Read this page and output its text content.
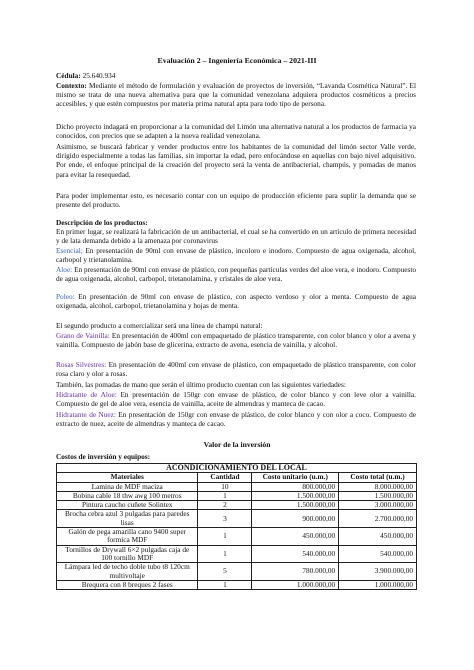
Evaluación 2 – Ingeniería Económica – 2021-III

Cédula: 25.640.934

Contexto: Mediante el método de formulación y evaluación de proyectos de inversión, “Lavanda Cosmética Natural”. El mismo se trata de una nueva alternativa para que la comunidad venezolana adquiera productos cosméticos a precios accesibles, y que estén compuestos por materia prima natural apta para todo tipo de persona.

Dicho proyecto indagará en proporcionar a la comunidad del Limón una alternativa natural a los productos de farmacia ya conocidos, con precios que se adapten a la nueva realidad venezolana.

Asimismo, se buscará fabricar y vender productos entre los habitantes de la comunidad del limón sector Valle verde, dirigido especialmente a todas las familias, sin importar la edad, pero enfocándose en aquellas con bajo nivel adquisitivo. Por ende, el enfoque principal de la creación del proyecto será la venta de antibacterial, champús, y pomadas de manos para evitar la resequedad.

Para poder implementar esto, es necesario contar con un equipo de producción eficiente para suplir la demanda que se presente del producto.

Descripción de los productos:

En primer lugar, se realizará la fabricación de un antibacterial, el cual se ha convertido en un artículo de primera necesidad y de lata demanda debido a la amenaza por coronavirus

Esencial; En presentación de 90ml con envase de plástico, incoloro e inodoro. Compuesto de agua oxigenada, alcohol, carbopol y trietanolamina.

Aloe: En presentación de 90ml con envase de plástico, con pequeñas partículas verdes del aloe vera, e inodoro. Compuesto de agua oxigenada, alcohol, carbopol, trietanolamina, y cristales de aloe vera.

Poleo: En presentación de 90ml con envase de plástico, con aspecto verdoso y olor a menta. Compuesto de agua oxigenada, alcohol, carbopol, trietanolamina y hojas de menta.

El segundo producto a comercializar será una línea de champú natural:

Grano de Vainilla: En presentación de 400ml con empaquetado de plástico transparente, con color blanco y olor a avena y vainilla. Compuesto de jabón base de glicerina, extracto de avena, esencia de vainilla, y alcohol.

Rosas Silvestres: En presentación de 400ml con envase de plástico, con empaquetado de plástico transparente, con color rosa claro y olor a rosas.

También, las pomadas de mano que serán el último producto cuentan con las siguientes variedades:

Hidratante de Aloe: En presentación de 150gr con envase de plástico, de color blanco y con leve olor a vainilla. Compuesto de gel de aloe vera, esencia de vainilla, aceite de almendras y manteca de cacao.

Hidratante de Nuez: En presentación de 150gr con envase de plástico, de color blanco y con olor a coco. Compuesto de extracto de nuez, aceite de almendras y manteca de cacao.

Valor de la inversión

Costos de inversión y equipos:

ACONDICIONAMIENTO DEL LOCAL			
Materiales	Cantidad	Costo unitario (u.m.)	Costo total (u.m.)
Lamina de MDF maciza	10	800.000,00	8.000.000,00
Bobina cable 18 thw awg 100 metros	1	1.500.000,00	1.500.000,00
Pintura caucho cuñete Solintex	2	1.500.000,00	3.000.000,00
Brocha cebra azul 3 pulgadas para paredes lisas	3	900.000,00	2.700.000,00
Galón de pega amarilla cano 9400 super formica MDF	1	450.000,00	450.000,00
Tornillos de Drywall 6×2 pulgadas caja de 100 tornillo MDF	1	540.000,00	540.000,00
Lámpara led de techo doble tubo t8 120cm multivoltaje	5	780.000,00	3.900.000,00
Brequera con 8 breques 2 fases	1	1.000.000,00	1.000.000,00
